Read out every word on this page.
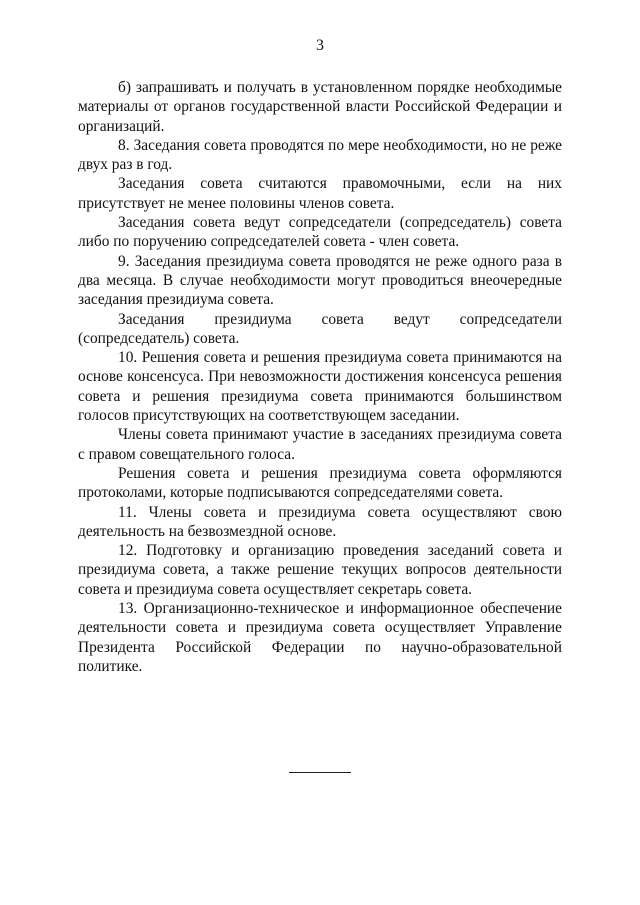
3

б) запрашивать и получать в установленном порядке необходимые материалы от органов государственной власти Российской Федерации и организаций.

8. Заседания совета проводятся по мере необходимости, но не реже двух раз в год.

Заседания совета считаются правомочными, если на них присутствует не менее половины членов совета.

Заседания совета ведут сопредседатели (сопредседатель) совета либо по поручению сопредседателей совета - член совета.

9. Заседания президиума совета проводятся не реже одного раза в два месяца. В случае необходимости могут проводиться внеочередные заседания президиума совета.

Заседания президиума совета ведут сопредседатели (сопредседатель) совета.

10. Решения совета и решения президиума совета принимаются на основе консенсуса. При невозможности достижения консенсуса решения совета и решения президиума совета принимаются большинством голосов присутствующих на соответствующем заседании.

Члены совета принимают участие в заседаниях президиума совета с правом совещательного голоса.

Решения совета и решения президиума совета оформляются протоколами, которые подписываются сопредседателями совета.

11. Члены совета и президиума совета осуществляют свою деятельность на безвозмездной основе.

12. Подготовку и организацию проведения заседаний совета и президиума совета, а также решение текущих вопросов деятельности совета и президиума совета осуществляет секретарь совета.

13. Организационно-техническое и информационное обеспечение деятельности совета и президиума совета осуществляет Управление Президента Российской Федерации по научно-образовательной политике.
